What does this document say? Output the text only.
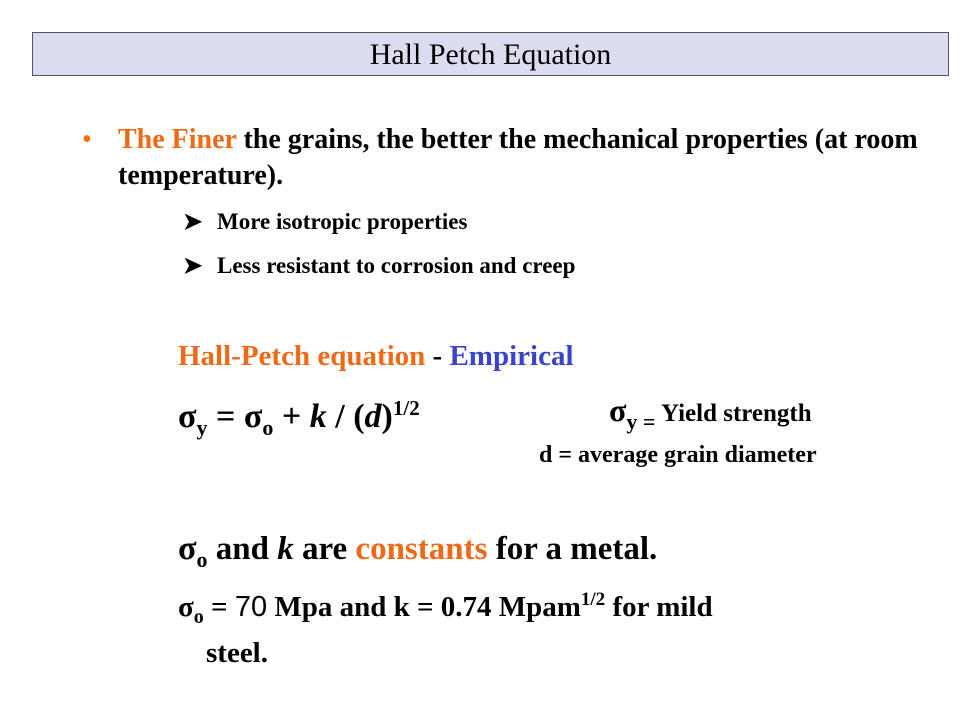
Hall Petch Equation
• The Finer the grains, the better the mechanical properties (at room temperature).
➤ More isotropic properties
➤ Less resistant to corrosion and creep
Hall-Petch equation - Empirical
$\sigma_y = \sigma_o + k / (d)^{1/2}$	σy = Yield strength
d = average grain diameter
$\sigma_o$ and k are constants for a metal.
$\sigma_o = 70$ Mpa and k = 0.74 Mpam$^{1/2}$ for mild
steel.
